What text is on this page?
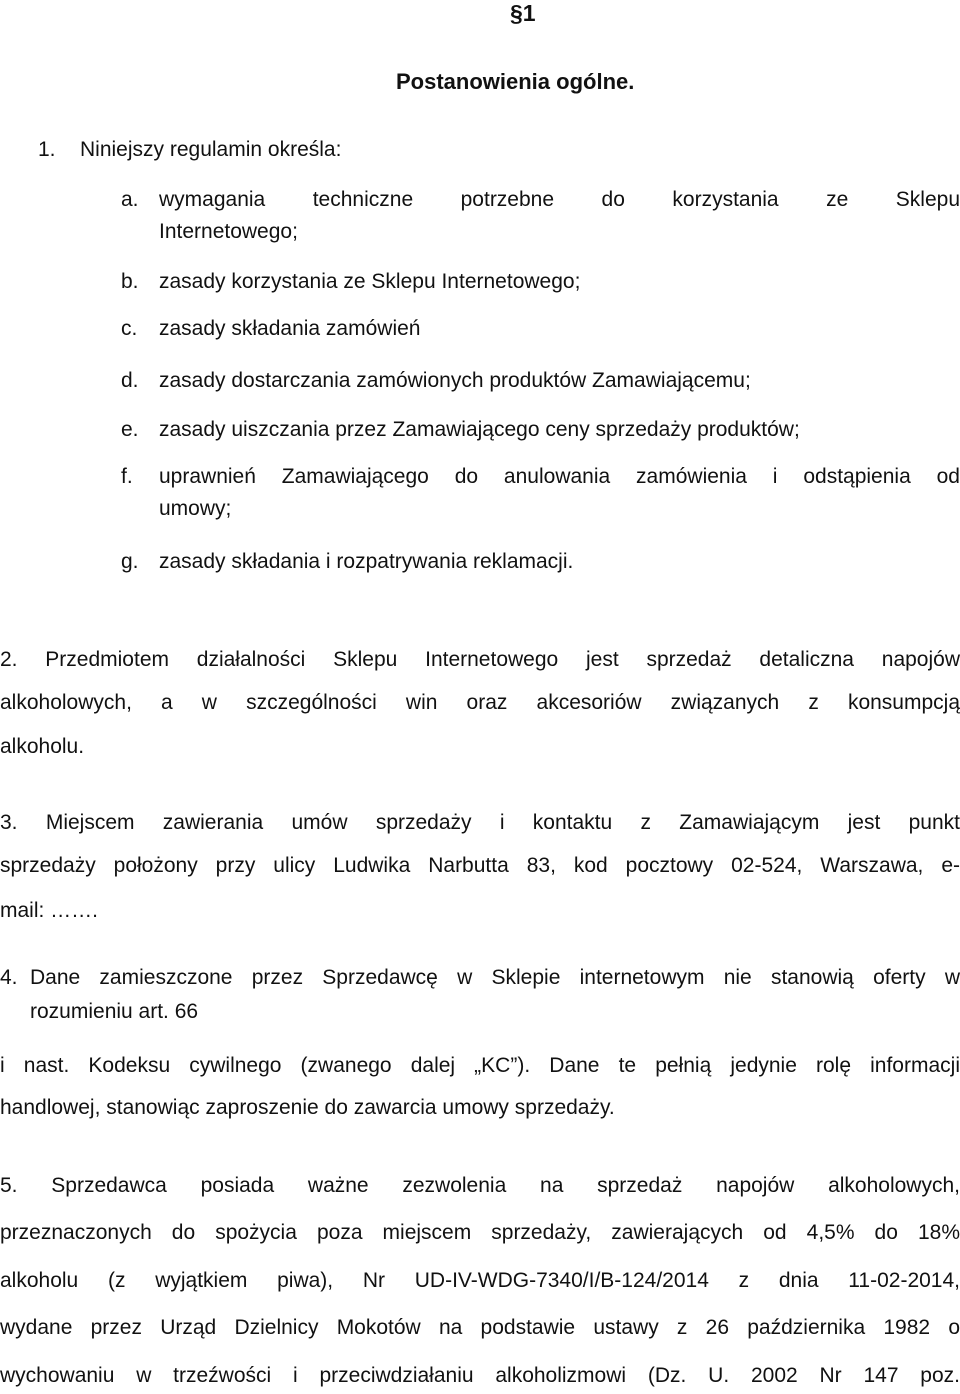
§1
Postanowienia ogólne.
1. Niniejszy regulamin określa:
a. wymagania techniczne potrzebne do korzystania ze Sklepu
Internetowego;
b. zasady korzystania ze Sklepu Internetowego;
c. zasady składania zamówień
d. zasady dostarczania zamówionych produktów Zamawiającemu;
e. zasady uiszczania przez Zamawiającego ceny sprzedaży produktów;
f. uprawnień Zamawiającego do anulowania zamówienia i odstąpienia od
umowy;
g. zasady składania i rozpatrywania reklamacji.
2. Przedmiotem działalności Sklepu Internetowego jest sprzedaż detaliczna napojów
alkoholowych, a w szczególności win oraz akcesoriów związanych z konsumpcją
alkoholu.
3. Miejscem zawierania umów sprzedaży i kontaktu z Zamawiającym jest punkt
sprzedaży położony przy ulicy Ludwika Narbutta 83, kod pocztowy 02-524, Warszawa, e-
mail: …….
4. Dane zamieszczone przez Sprzedawcę w Sklepie internetowym nie stanowią oferty w
rozumieniu art. 66
i nast. Kodeksu cywilnego (zwanego dalej „KC”). Dane te pełnią jedynie rolę informacji
handlowej, stanowiąc zaproszenie do zawarcia umowy sprzedaży.
5. Sprzedawca posiada ważne zezwolenia na sprzedaż napojów alkoholowych,
przeznaczonych do spożycia poza miejscem sprzedaży, zawierających od 4,5% do 18%
alkoholu (z wyjątkiem piwa), Nr UD-IV-WDG-7340/I/B-124/2014 z dnia 11-02-2014,
wydane przez Urząd Dzielnicy Mokotów na podstawie ustawy z 26 października 1982 o
wychowaniu w trzeźwości i przeciwdziałaniu alkoholizmowi (Dz. U. 2002 Nr 147 poz.
